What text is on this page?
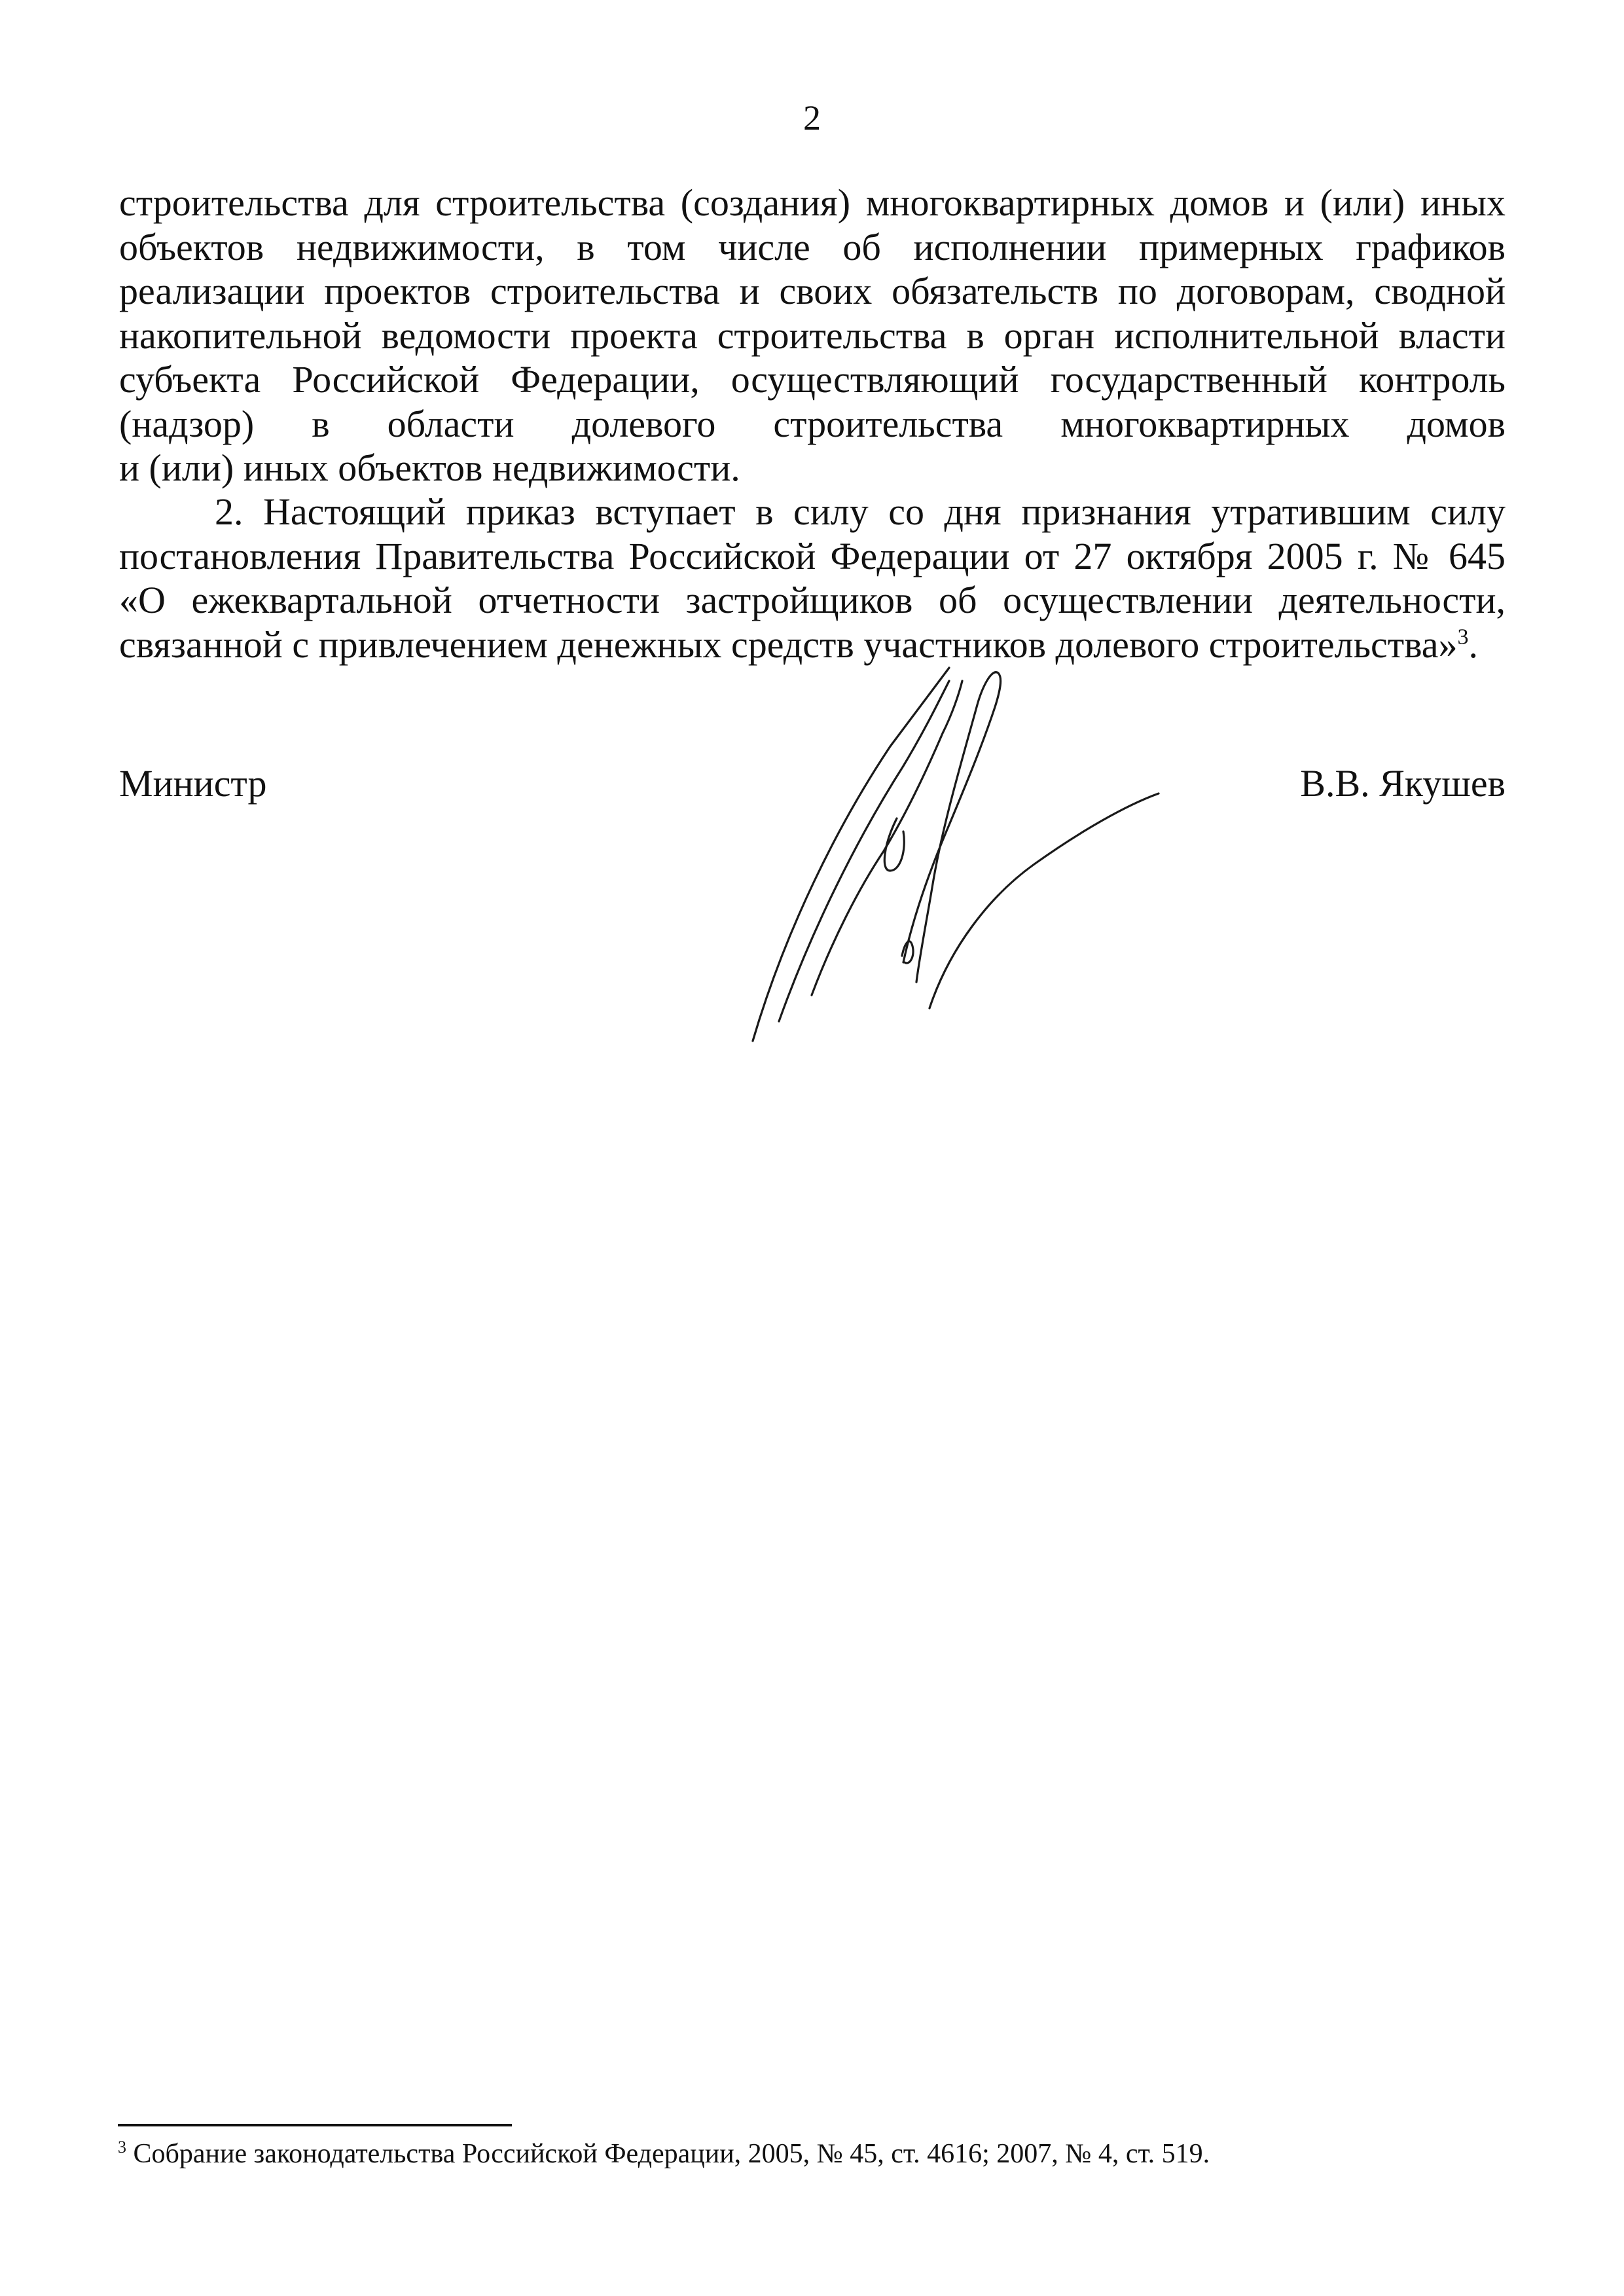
2
строительства для строительства (создания) многоквартирных домов и (или) иных
объектов недвижимости, в том числе об исполнении примерных графиков
реализации проектов строительства и своих обязательств по договорам, сводной
накопительной ведомости проекта строительства в орган исполнительной власти
субъекта Российской Федерации, осуществляющий государственный контроль
(надзор) в области долевого строительства многоквартирных домов
и (или) иных объектов недвижимости.
2. Настоящий приказ вступает в силу со дня признания утратившим силу
постановления Правительства Российской Федерации от 27 октября 2005 г. № 645
«О ежеквартальной отчетности застройщиков об осуществлении деятельности,
связанной с привлечением денежных средств участников долевого строительства»$^3$.
Министр	В.В. Якушев
$^3$ Собрание законодательства Российской Федерации, 2005, № 45, ст. 4616; 2007, № 4, ст. 519.
